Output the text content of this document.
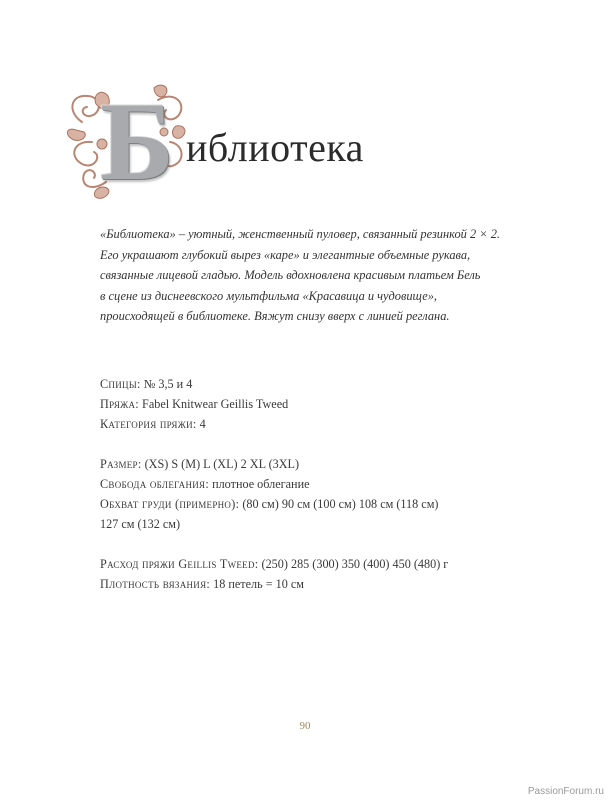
Б иблиотека
«Библиотека» – уютный, женственный пуловер, связанный резинкой 2 × 2.
Его украшают глубокий вырез «каре» и элегантные объемные рукава,
связанные лицевой гладью. Модель вдохновлена красивым платьем Бель
в сцене из диснеевского мультфильма «Красавица и чудовище»,
происходящей в библиотеке. Вяжут снизу вверх с линией реглана.
Спицы: № 3,5 и 4
Пряжа: Fabel Knitwear Geillis Tweed
Категория пряжи: 4
Размер: (XS) S (M) L (XL) 2 XL (3XL)
Свобода облегания: плотное облегание
Обхват груди (примерно): (80 см) 90 см (100 см) 108 см (118 см)
127 см (132 см)
Расход пряжи Geillis Tweed: (250) 285 (300) 350 (400) 450 (480) г
Плотность вязания: 18 петель = 10 см
90
PassionForum.ru
